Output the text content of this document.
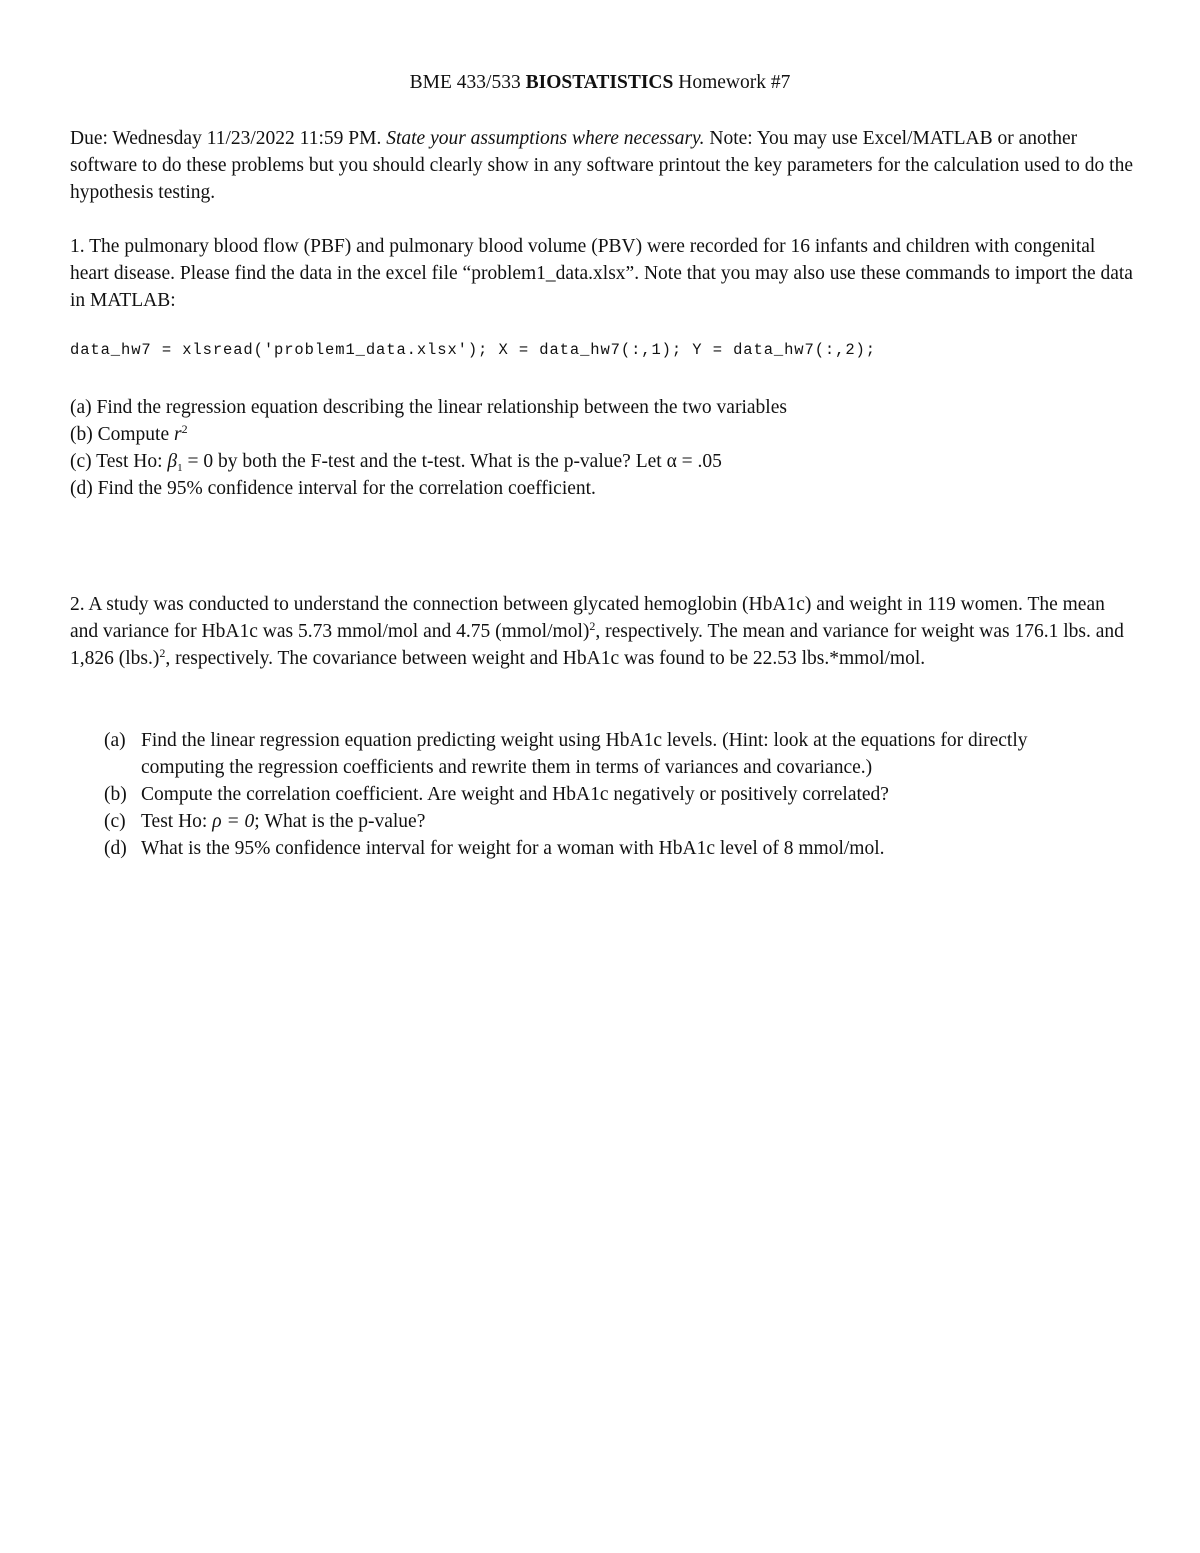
BME 433/533 BIOSTATISTICS Homework #7

Due: Wednesday 11/23/2022 11:59 PM. State your assumptions where necessary. Note: You may use Excel/MATLAB or another software to do these problems but you should clearly show in any software printout the key parameters for the calculation used to do the hypothesis testing.

1. The pulmonary blood flow (PBF) and pulmonary blood volume (PBV) were recorded for 16 infants and children with congenital heart disease. Please find the data in the excel file “problem1_data.xlsx”. Note that you may also use these commands to import the data in MATLAB:

data_hw7 = xlsread('problem1_data.xlsx'); X = data_hw7(:,1); Y = data_hw7(:,2);

(a) Find the regression equation describing the linear relationship between the two variables

(b) Compute $r^2$

(c) Test Ho: $\beta_1 = 0$ by both the F-test and the t-test. What is the p-value? Let α = .05

(d) Find the 95% confidence interval for the correlation coefficient.

2. A study was conducted to understand the connection between glycated hemoglobin (HbA1c) and weight in 119 women. The mean and variance for HbA1c was 5.73 mmol/mol and 4.75 (mmol/mol)$^2$, respectively. The mean and variance for weight was 176.1 lbs. and 1,826 $(lbs.)^2$, respectively. The covariance between weight and HbA1c was found to be 22.53 lbs.*mmol/mol.

(a) Find the linear regression equation predicting weight using HbA1c levels. (Hint: look at the equations for directly computing the regression coefficients and rewrite them in terms of variances and covariance.)
(b) Compute the correlation coefficient. Are weight and HbA1c negatively or positively correlated?
(c) Test Ho: ρ = 0; What is the p-value?
(d) What is the 95% confidence interval for weight for a woman with HbA1c level of 8 mmol/mol.
